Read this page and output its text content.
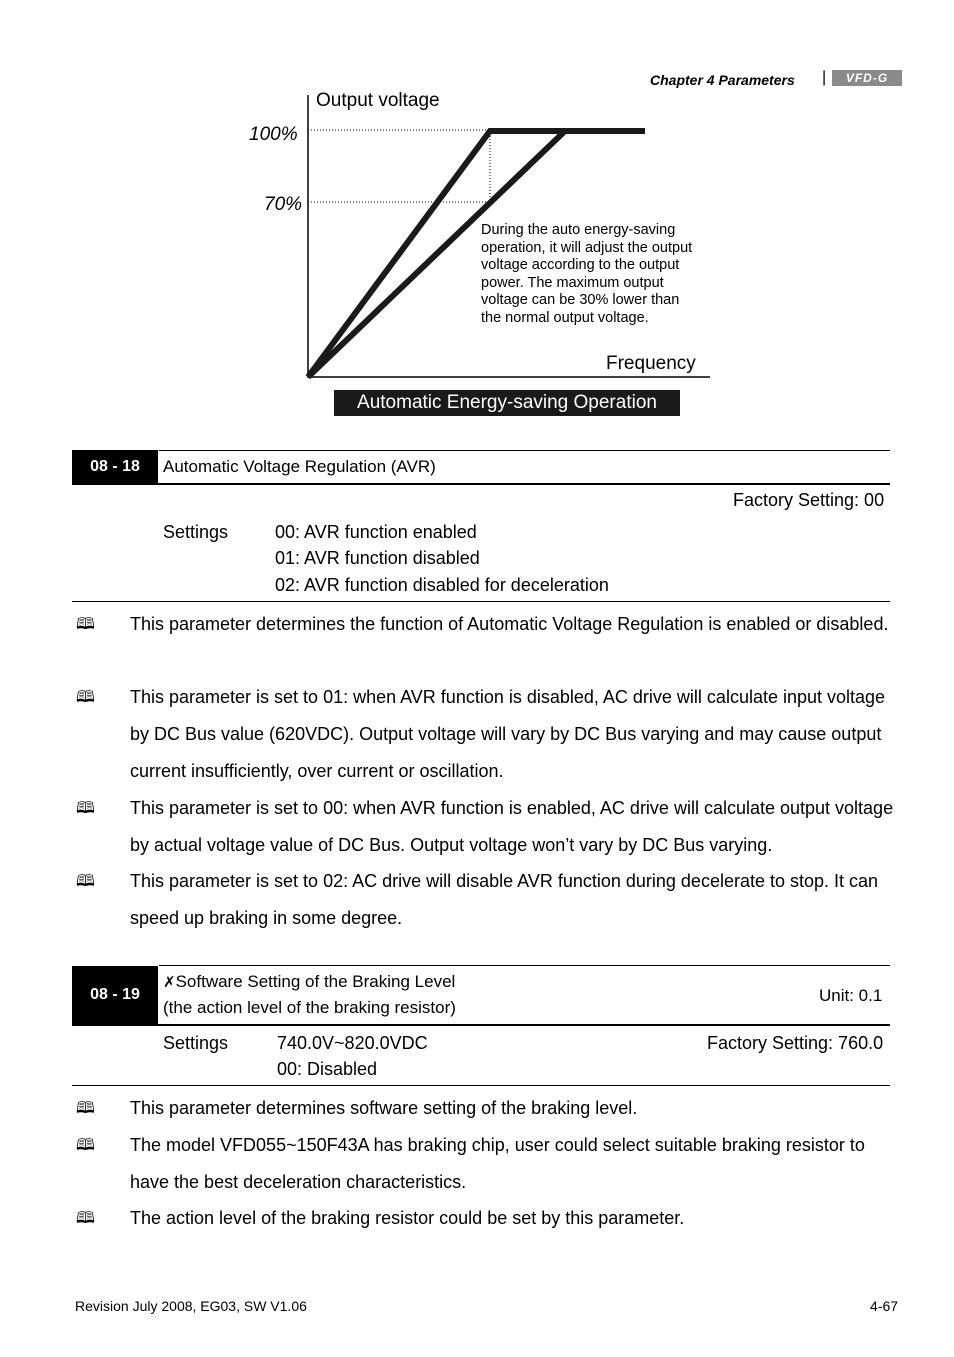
Chapter 4 Parameters |	VFD-G
Output voltage
100%
70%
Frequency
During the auto energy-saving
operation, it will adjust the output
voltage according to the output
power. The maximum output
voltage can be 30% lower than
the normal output voltage.
Automatic Energy-saving Operation
08 - 18	Automatic Voltage Regulation (AVR)
Factory Setting: 00
Settings	00: AVR function enabled
01: AVR function disabled
02: AVR function disabled for deceleration
🕮 This parameter determines the function of Automatic Voltage Regulation is enabled or disabled.
🕮 This parameter is set to 01: when AVR function is disabled, AC drive will calculate input voltage by DC Bus value (620VDC). Output voltage will vary by DC Bus varying and may cause output current insufficiently, over current or oscillation.
🕮 This parameter is set to 00: when AVR function is enabled, AC drive will calculate output voltage by actual voltage value of DC Bus. Output voltage won’t vary by DC Bus varying.
🕮 This parameter is set to 02: AC drive will disable AVR function during decelerate to stop. It can speed up braking in some degree.
08 - 19
✗Software Setting of the Braking Level
(the action level of the braking resistor)
Unit: 0.1
Settings	740.0V~820.0VDC	Factory Setting: 760.0
00: Disabled
🕮 This parameter determines software setting of the braking level.
🕮 The model VFD055~150F43A has braking chip, user could select suitable braking resistor to have the best deceleration characteristics.
🕮 The action level of the braking resistor could be set by this parameter.
Revision July 2008, EG03, SW V1.06	4-67
